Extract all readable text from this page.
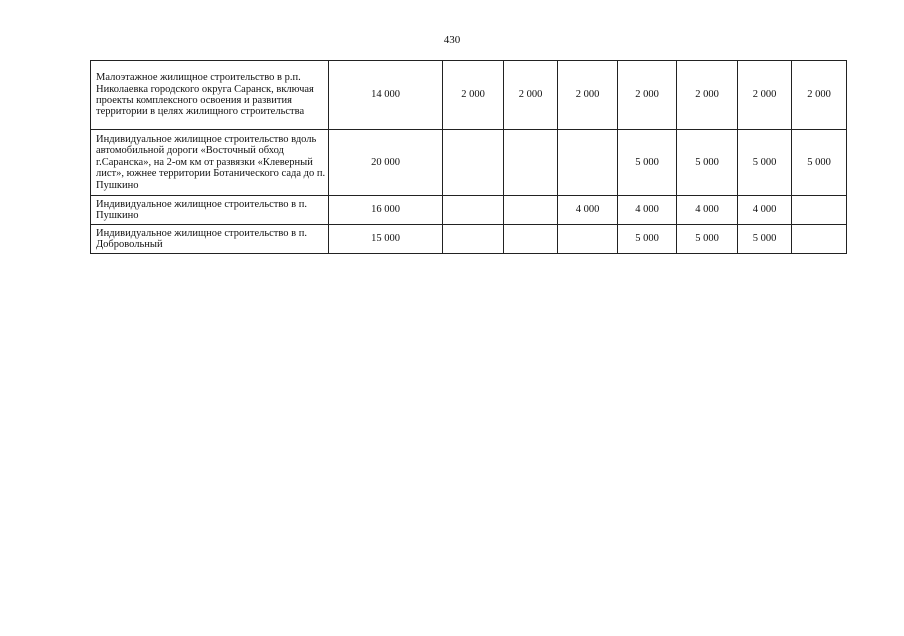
430
Малоэтажное жилищное строительство в р.п. Николаевка городского округа Саранск, включая проекты комплексного освоения и развития территории в целях жилищного строительства	14 000	2 000	2 000	2 000	2 000	2 000	2 000	2 000
Индивидуальное жилищное строительство вдоль автомобильной дороги «Восточный обход г.Саранска», на 2-ом км от развязки «Клеверный лист», южнее территории Ботанического сада до п. Пушкино	20 000				5 000	5 000	5 000	5 000
Индивидуальное жилищное строительство в п. Пушкино	16 000			4 000	4 000	4 000	4 000	
Индивидуальное жилищное строительство в п. Добровольный	15 000				5 000	5 000	5 000	
